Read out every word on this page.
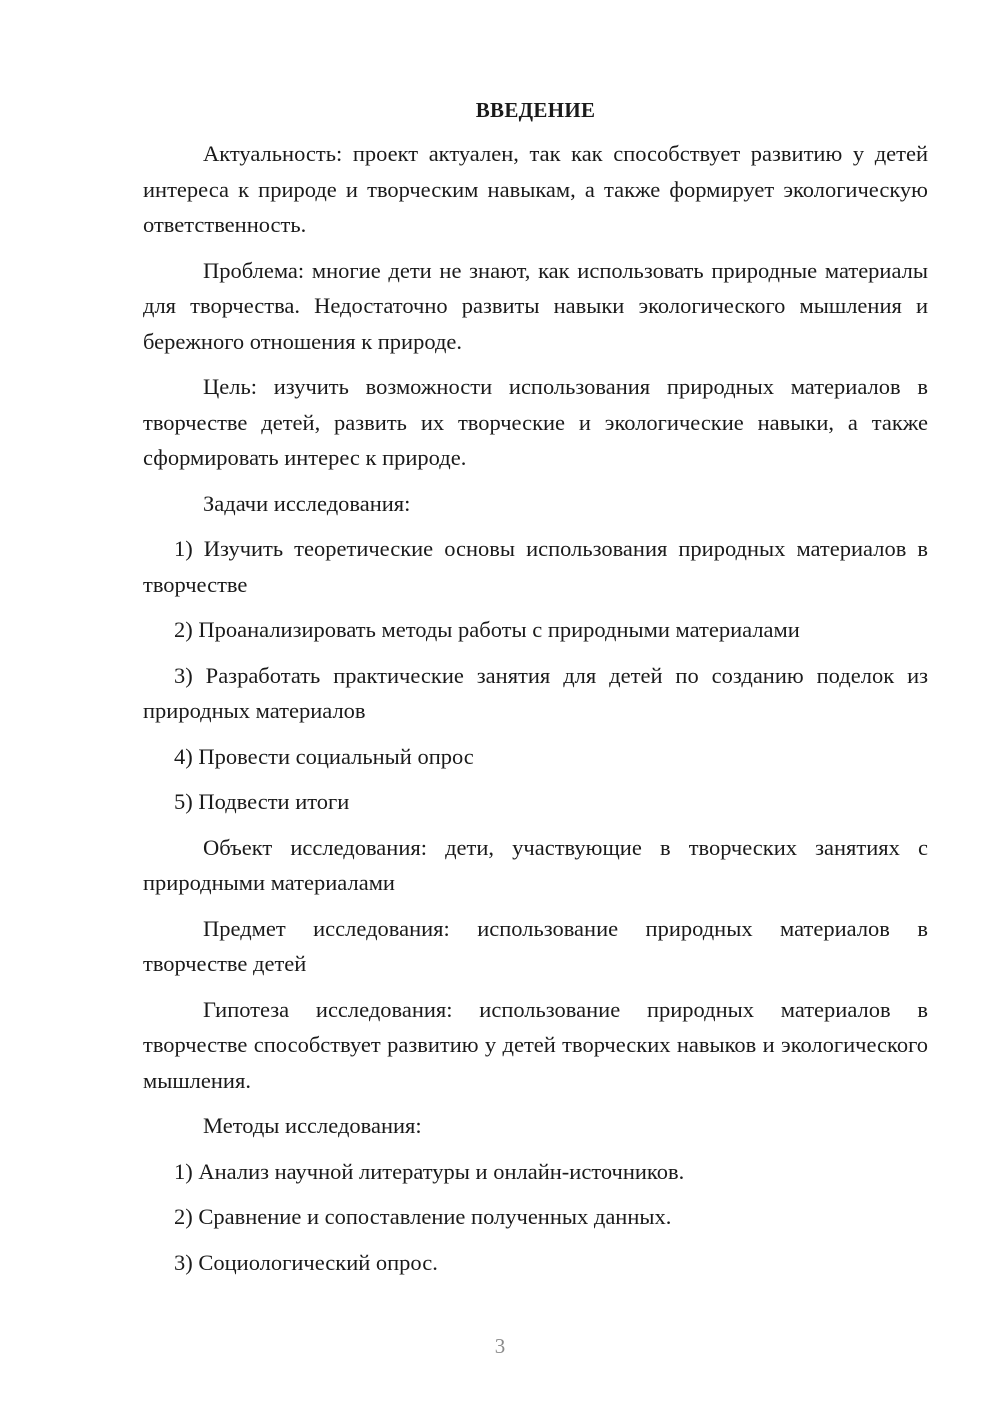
ВВЕДЕНИЕ

Актуальность: проект актуален, так как способствует развитию у детей интереса к природе и творческим навыкам, а также формирует экологическую ответственность.

Проблема: многие дети не знают, как использовать природные материалы для творчества. Недостаточно развиты навыки экологического мышления и бережного отношения к природе.

Цель: изучить возможности использования природных материалов в творчестве детей, развить их творческие и экологические навыки, а также сформировать интерес к природе.

Задачи исследования:

1) Изучить теоретические основы использования природных материалов в творчестве

2) Проанализировать методы работы с природными материалами

3) Разработать практические занятия для детей по созданию поделок из природных материалов

4) Провести социальный опрос

5) Подвести итоги

Объект исследования: дети, участвующие в творческих занятиях с природными материалами

Предмет исследования: использование природных материалов в творчестве детей

Гипотеза исследования: использование природных материалов в творчестве способствует развитию у детей творческих навыков и экологического мышления.

Методы исследования:

1) Анализ научной литературы и онлайн-источников.

2) Сравнение и сопоставление полученных данных.

3) Социологический опрос.

3
